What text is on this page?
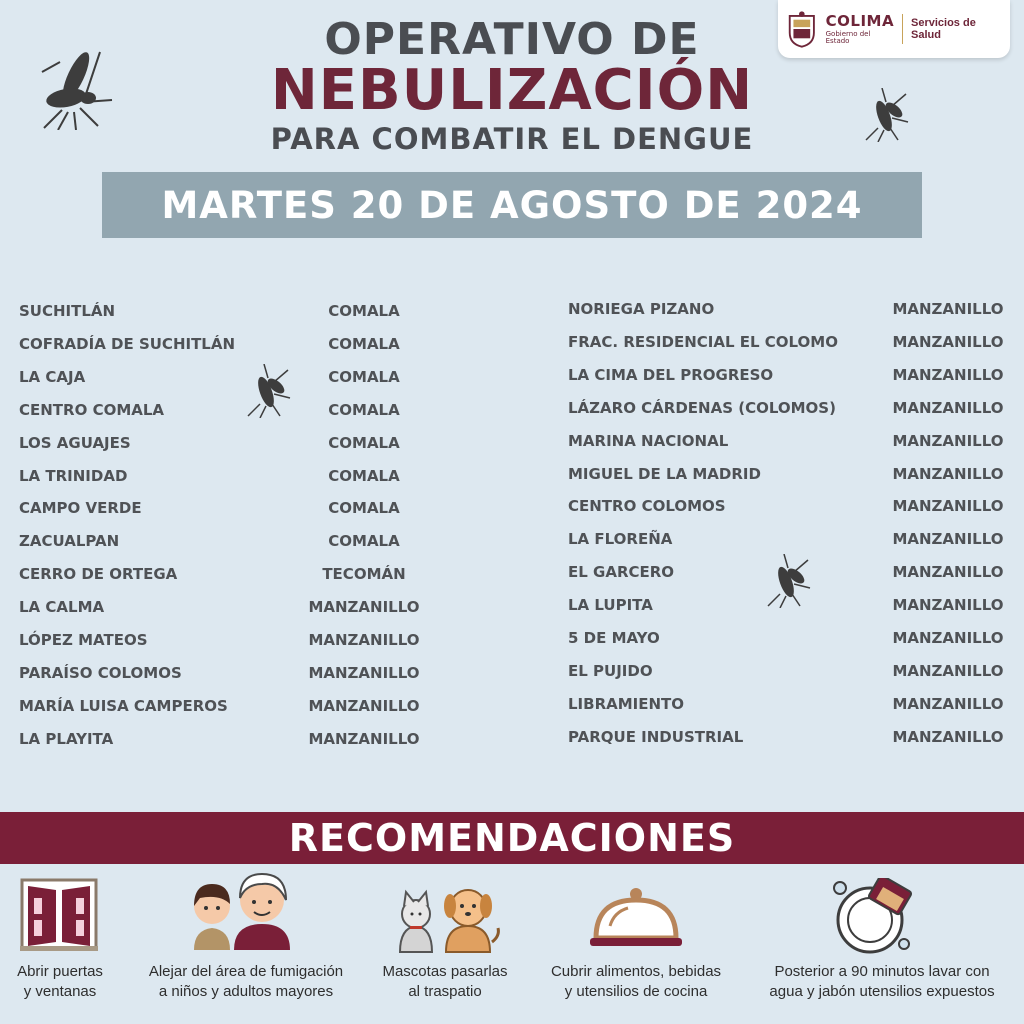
COLIMA
Gobierno del Estado
Servicios de Salud
OPERATIVO DE
NEBULIZACIÓN
PARA COMBATIR EL DENGUE
MARTES 20 DE AGOSTO DE 2024
SUCHITLÁN	COMALA
COFRADÍA DE SUCHITLÁN	COMALA
LA CAJA	COMALA
CENTRO COMALA	COMALA
LOS AGUAJES	COMALA
LA TRINIDAD	COMALA
CAMPO VERDE	COMALA
ZACUALPAN	COMALA
CERRO DE ORTEGA	TECOMÁN
LA CALMA	MANZANILLO
LÓPEZ MATEOS	MANZANILLO
PARAÍSO COLOMOS	MANZANILLO
MARÍA LUISA CAMPEROS	MANZANILLO
LA PLAYITA	MANZANILLO
NORIEGA PIZANO	MANZANILLO
FRAC. RESIDENCIAL EL COLOMO	MANZANILLO
LA CIMA DEL PROGRESO	MANZANILLO
LÁZARO CÁRDENAS (COLOMOS)	MANZANILLO
MARINA NACIONAL	MANZANILLO
MIGUEL DE LA MADRID	MANZANILLO
CENTRO COLOMOS	MANZANILLO
LA FLOREÑA	MANZANILLO
EL GARCERO	MANZANILLO
LA LUPITA	MANZANILLO
5 DE MAYO	MANZANILLO
EL PUJIDO	MANZANILLO
LIBRAMIENTO	MANZANILLO
PARQUE INDUSTRIAL	MANZANILLO
RECOMENDACIONES
Abrir puertas
y ventanas
Alejar del área de fumigación
a niños y adultos mayores
Mascotas pasarlas
al traspatio
Cubrir alimentos, bebidas
y utensilios de cocina
Posterior a 90 minutos lavar con
agua y jabón utensilios expuestos
